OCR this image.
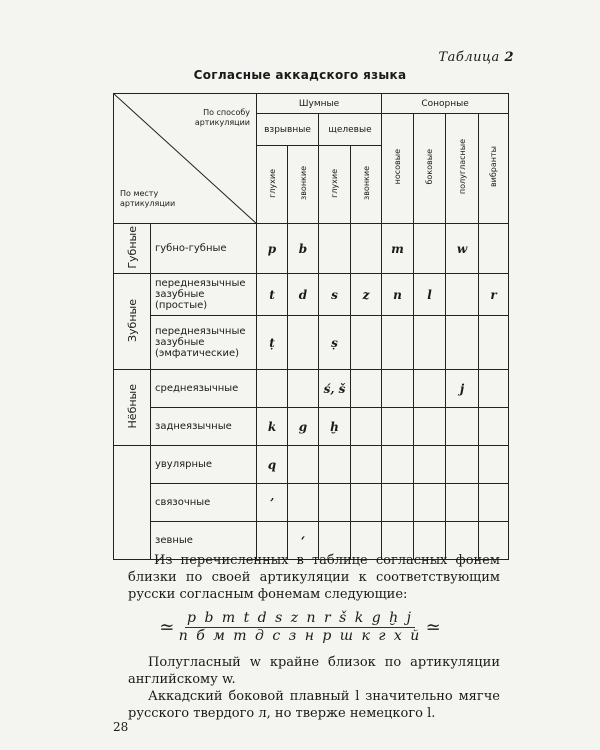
Таблица 2
Согласные аккадского языка
По способу артикуляции
По месту артикуляции		Шумные				Сонорные			
		взрывные		щелевые		носовые	боковые	полугласные	вибранты
		глухие	звонкие	глухие	звонкие				
Губные	губно-губные	p	b			m		w	
Зубные	переднеязычные зазубные (простые)	t	d	s	z	n	l		r
	переднеязычные зазубные (эмфатические)	ṭ		ṣ					
Нёбные	среднеязычные			ś, š				j	
	заднеязычные	k	g	ḫ					
	увулярные	q							
	связочные	ʼ							
	зевные		ʻ						
Из перечисленных в таблице согласных фонем близки по своей артикуляции к соответствующим русски согласным фонемам следующие:
≃ p b m t d s z n r š k g ḫ j
п б м т д с з н р ш к г х й ≃
Полугласный w крайне близок по артикуляции английскому w.
Аккадский боковой плавный l значительно мягче русского твердого л, но тверже немецкого l.
28
